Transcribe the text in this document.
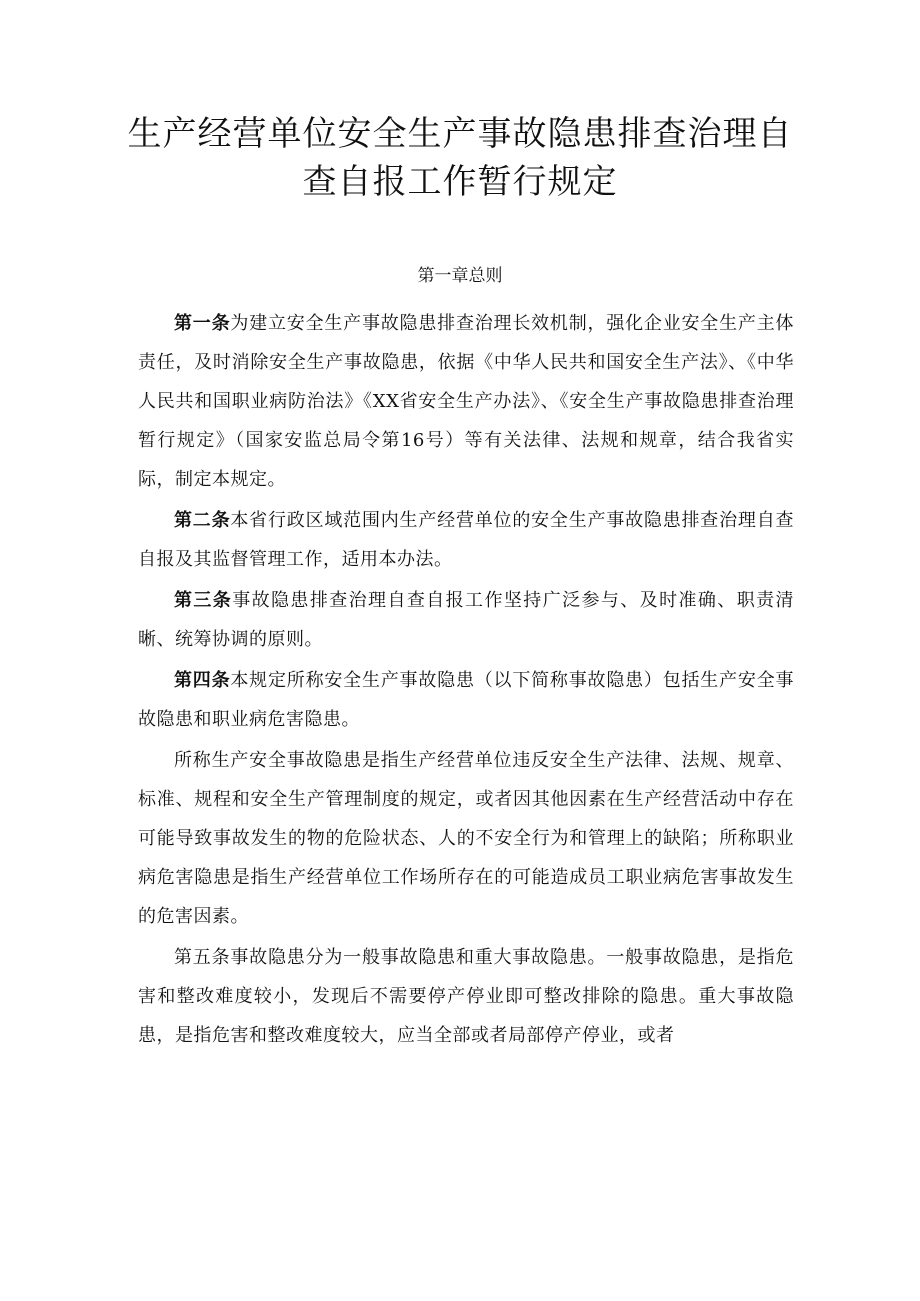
生产经营单位安全生产事故隐患排查治理自
查自报工作暂行规定
第一章总则

第一条为建立安全生产事故隐患排查治理长效机制，强化企业安全生产主体责任，及时消除安全生产事故隐患，依据《中华人民共和国安全生产法》、《中华人民共和国职业病防治法》《XX省安全生产办法》、《安全生产事故隐患排查治理暂行规定》（国家安监总局令第16号）等有关法律、法规和规章，结合我省实际，制定本规定。

第二条本省行政区域范围内生产经营单位的安全生产事故隐患排查治理自查自报及其监督管理工作，适用本办法。

第三条事故隐患排查治理自查自报工作坚持广泛参与、及时准确、职责清晰、统筹协调的原则。

第四条本规定所称安全生产事故隐患（以下简称事故隐患）包括生产安全事故隐患和职业病危害隐患。

所称生产安全事故隐患是指生产经营单位违反安全生产法律、法规、规章、标准、规程和安全生产管理制度的规定，或者因其他因素在生产经营活动中存在可能导致事故发生的物的危险状态、人的不安全行为和管理上的缺陷；所称职业病危害隐患是指生产经营单位工作场所存在的可能造成员工职业病危害事故发生的危害因素。

第五条事故隐患分为一般事故隐患和重大事故隐患。一般事故隐患，是指危害和整改难度较小，发现后不需要停产停业即可整改排除的隐患。重大事故隐患，是指危害和整改难度较大，应当全部或者局部停产停业，或者
